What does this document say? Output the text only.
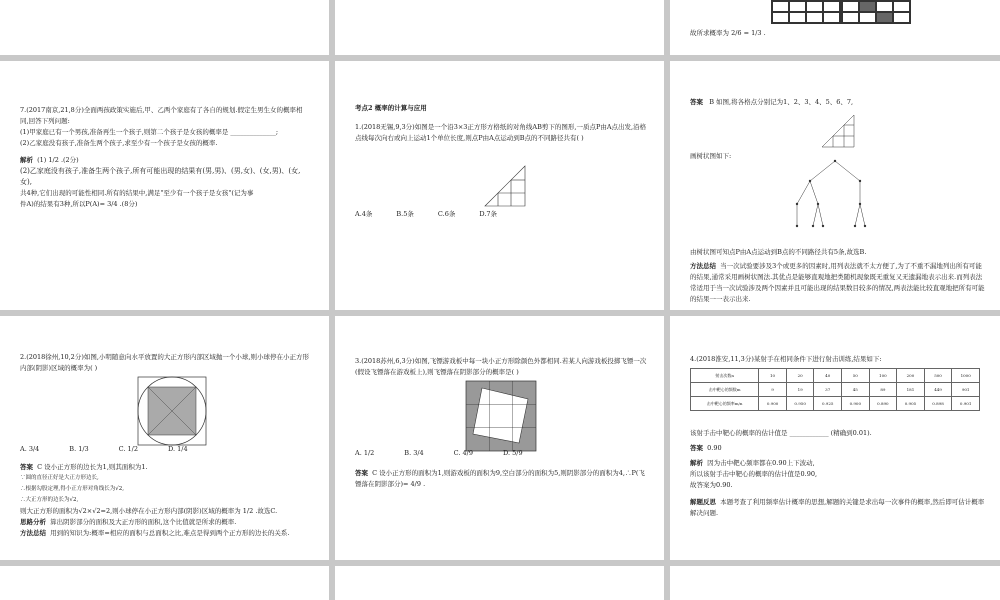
故所求概率为 2/6 = 1/3 .

7.(2017南京,21,8分)全面两孩政策实施后,甲、乙两个家庭有了各自的规划.假定生男生女的概率相同,回答下列问题:

(1)甲家庭已有一个男孩,准备再生一个孩子,则第二个孩子是女孩的概率是 ______________;

(2)乙家庭没有孩子,准备生两个孩子,求至少有一个孩子是女孩的概率.

解析 (1) 1/2 .(2分)

(2)乙家庭没有孩子,准备生两个孩子,所有可能出现的结果有(男,男)、(男,女)、(女,男)、(女,女),

共4种,它们出现的可能性相同.所有的结果中,满足"至少有一个孩子是女孩"(记为事

件A)的结果有3种,所以P(A)= 3/4 .(8分)

考点2 概率的计算与应用

1.(2018无锡,9,3分)如图是一个沿3×3正方形方格纸的对角线AB剪下的图形,一质点P由A点出发,沿格点线每次向右或向上运动1个单位长度,则点P由A点运动到B点的不同路径共有( )

A.4条	B.5条	C.6条	D.7条

答案 B 如图,将各格点分别记为1、2、3、4、5、6、7,

画树状图如下:

由树状图可知点P由A点运动到B点的不同路径共有5条,故选B.

方法总结 当一次试验要涉及3个或更多的因素时,用列表法就不太方便了,为了不重不漏地列出所有可能的结果,通常采用画树状图法.其优点是能够直观地把类随机现象既无重复又无遗漏地表示出来.而列表法常适用于当一次试验涉及两个因素并且可能出现的结果数目较多的情况,两表法能比较直观地把所有可能的结果一一表示出来.

2.(2018徐州,10,2分)如图,小明随意向水平放置的大正方形内部区域抛一个小球,则小球停在小正方形内部(阴影)区域的概率为( )

A. 3/4	B. 1/3	C. 1/2	D. 1/4

答案 C 设小正方形的边长为1,则其面积为1.

∵圆的直径正好是大正方形边长,

∴根据勾股定理,得小正方形对角线长为√2,

∴大正方形的边长为√2,

则大正方形的面积为√2×√2=2,则小球停在小正方形内部(阴影)区域的概率为 1/2 .故选C.

思路分析 算出阴影部分的面积及大正方形的面积,这个比值就是所求的概率.

方法总结 用到的知识为:概率=相应的面积与总面积之比,难点是得到两个正方形的边长的关系.

3.(2018苏州,6,3分)如图,飞镖游戏板中每一块小正方形除颜色外都相同.若某人向游戏板投掷飞镖一次(假设飞镖落在游戏板上),则飞镖落在阴影部分的概率是( )

A. 1/2	B. 3/4	C. 4/9	D. 5/9

答案 C 设小正方形的面积为1,则游戏板的面积为9,空白部分的面积为5,则阴影部分的面积为4,∴P(飞镖落在阴影部分)= 4/9 .

4.(2018淮安,11,3分)某射手在相同条件下进行射击训练,结果如下:

射击次数n	10	20	40	50	100	200	500	1000
击中靶心的频数m	9	19	37	45	89	181	449	901
击中靶心的频率m/n	0.900	0.950	0.925	0.900	0.890	0.905	0.898	0.901

该射手击中靶心的概率的估计值是 ____________ (精确到0.01).

答案 0.90

解析 因为击中靶心频率都在0.90上下波动,

所以该射手击中靶心的概率的估计值是0.90,

故答案为0.90.

解题反思 本题考查了利用频率估计概率的思想,解题的关键是求出每一次事件的概率,然后即可估计概率解决问题.
